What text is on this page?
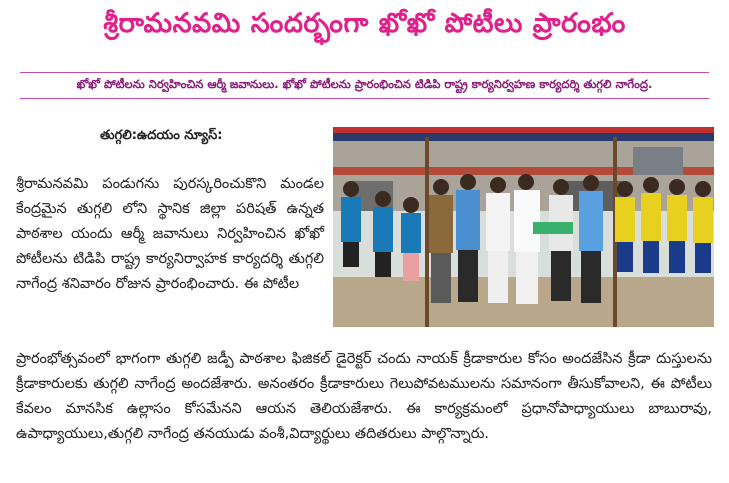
శ్రీరామనవమి సందర్భంగా ఖోఖో పోటీలు ప్రారంభం
ఖోఖో పోటీలను నిర్వహించిన ఆర్మీ జవానులు. ఖోఖో పోటీలను ప్రారంభించిన టిడిపి రాష్ట్ర కార్యనిర్వహణ కార్యదర్శి తుగ్గలి నాగేంద్ర.
తుగ్గలి:ఉదయం న్యూస్:
శ్రీరామనవమి పండుగను పురస్కరించుకొని మండల కేంద్రమైన తుగ్గలి లోని స్థానిక జిల్లా పరిషత్ ఉన్నత పాఠశాల యందు ఆర్మీ జవానులు నిర్వహించిన ఖోఖో పోటీలను టిడిపి రాష్ట్ర కార్యనిర్వాహక కార్యదర్శి తుగ్గలి నాగేంద్ర శనివారం రోజున ప్రారంభించారు. ఈ పోటీల
ప్రారంభోత్సవంలో భాగంగా తుగ్గలి జడ్పీ పాఠశాల ఫిజికల్ డైరెక్టర్ చందు నాయక్ క్రీడాకారుల కోసం అందజేసిన క్రీడా దుస్తులను క్రీడాకారులకు తుగ్గలి నాగేంద్ర అందజేశారు. అనంతరం క్రీడాకారులు గెలుపోవటములను సమానంగా తీసుకోవాలని, ఈ పోటీలు కేవలం మానసిక ఉల్లాసం కోసమేనని ఆయన తెలియజేశారు. ఈ కార్యక్రమంలో ప్రధానోపాధ్యాయులు బాబురావు, ఉపాధ్యాయులు,తుగ్గలి నాగేంద్ర తనయుడు వంశీ,విద్యార్థులు తదితరులు పాల్గొన్నారు.
